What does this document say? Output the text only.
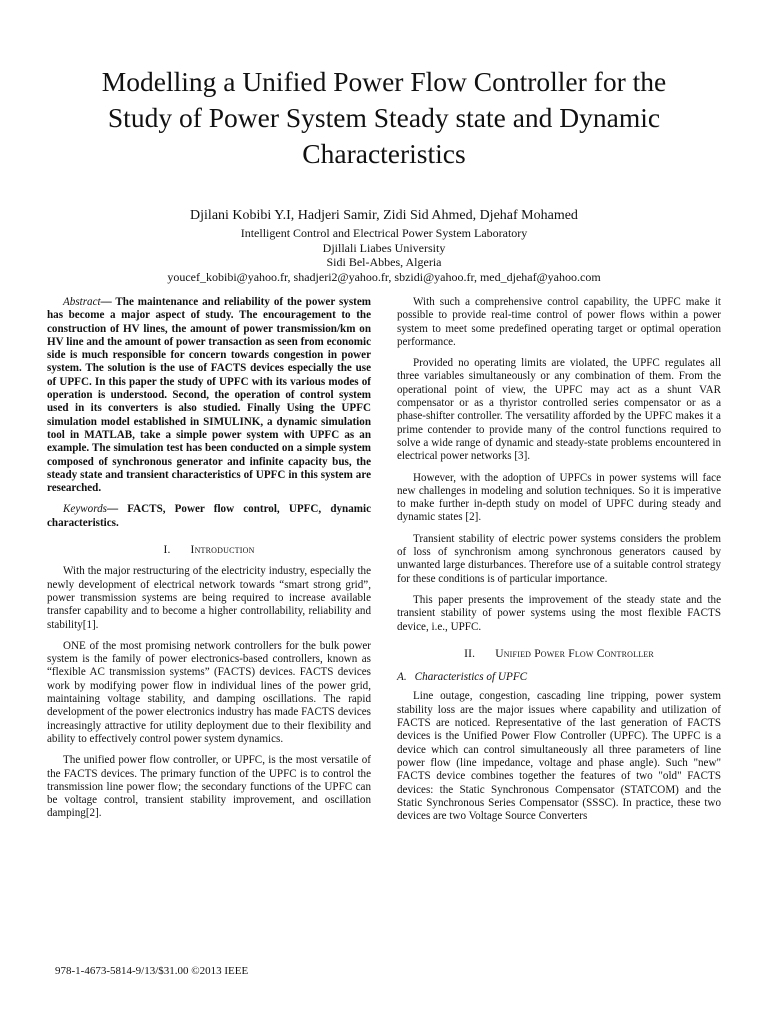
Modelling a Unified Power Flow Controller for the
Study of Power System Steady state and Dynamic
Characteristics
Djilani Kobibi Y.I, Hadjeri Samir, Zidi Sid Ahmed, Djehaf Mohamed
Intelligent Control and Electrical Power System Laboratory
Djillali Liabes University
Sidi Bel-Abbes, Algeria
youcef_kobibi@yahoo.fr, shadjeri2@yahoo.fr, sbzidi@yahoo.fr, med_djehaf@yahoo.com

Abstract— The maintenance and reliability of the power system has become a major aspect of study. The encouragement to the construction of HV lines, the amount of power transmission/km on HV line and the amount of power transaction as seen from economic side is much responsible for concern towards congestion in power system. The solution is the use of FACTS devices especially the use of UPFC. In this paper the study of UPFC with its various modes of operation is understood. Second, the operation of control system used in its converters is also studied. Finally Using the UPFC simulation model established in SIMULINK, a dynamic simulation tool in MATLAB, take a simple power system with UPFC as an example. The simulation test has been conducted on a simple system composed of synchronous generator and infinite capacity bus, the steady state and transient characteristics of UPFC in this system are researched.

Keywords— FACTS, Power flow control, UPFC, dynamic characteristics.

I. Introduction

With the major restructuring of the electricity industry, especially the newly development of electrical network towards “smart strong grid”, power transmission systems are being required to increase available transfer capability and to become a higher controllability, reliability and stability[1].

ONE of the most promising network controllers for the bulk power system is the family of power electronics-based controllers, known as “flexible AC transmission systems” (FACTS) devices. FACTS devices work by modifying power flow in individual lines of the power grid, maintaining voltage stability, and damping oscillations. The rapid development of the power electronics industry has made FACTS devices increasingly attractive for utility deployment due to their flexibility and ability to effectively control power system dynamics.

The unified power flow controller, or UPFC, is the most versatile of the FACTS devices. The primary function of the UPFC is to control the transmission line power flow; the secondary functions of the UPFC can be voltage control, transient stability improvement, and oscillation damping[2].

With such a comprehensive control capability, the UPFC make it possible to provide real-time control of power flows within a power system to meet some predefined operating target or optimal operation performance.

Provided no operating limits are violated, the UPFC regulates all three variables simultaneously or any combination of them. From the operational point of view, the UPFC may act as a shunt VAR compensator or as a thyristor controlled series compensator or as a phase-shifter controller. The versatility afforded by the UPFC makes it a prime contender to provide many of the control functions required to solve a wide range of dynamic and steady-state problems encountered in electrical power networks [3].

However, with the adoption of UPFCs in power systems will face new challenges in modeling and solution techniques. So it is imperative to make further in-depth study on model of UPFC during steady and dynamic states [2].

Transient stability of electric power systems considers the problem of loss of synchronism among synchronous generators caused by unwanted large disturbances. Therefore use of a suitable control strategy for these conditions is of particular importance.

This paper presents the improvement of the steady state and the transient stability of power systems using the most flexible FACTS device, i.e., UPFC.

II. Unified Power Flow Controller
A. Characteristics of UPFC

Line outage, congestion, cascading line tripping, power system stability loss are the major issues where capability and utilization of FACTS are noticed. Representative of the last generation of FACTS devices is the Unified Power Flow Controller (UPFC). The UPFC is a device which can control simultaneously all three parameters of line power flow (line impedance, voltage and phase angle). Such "new" FACTS device combines together the features of two "old" FACTS devices: the Static Synchronous Compensator (STATCOM) and the Static Synchronous Series Compensator (SSSC). In practice, these two devices are two Voltage Source Converters

978-1-4673-5814-9/13/$31.00 ©2013 IEEE
